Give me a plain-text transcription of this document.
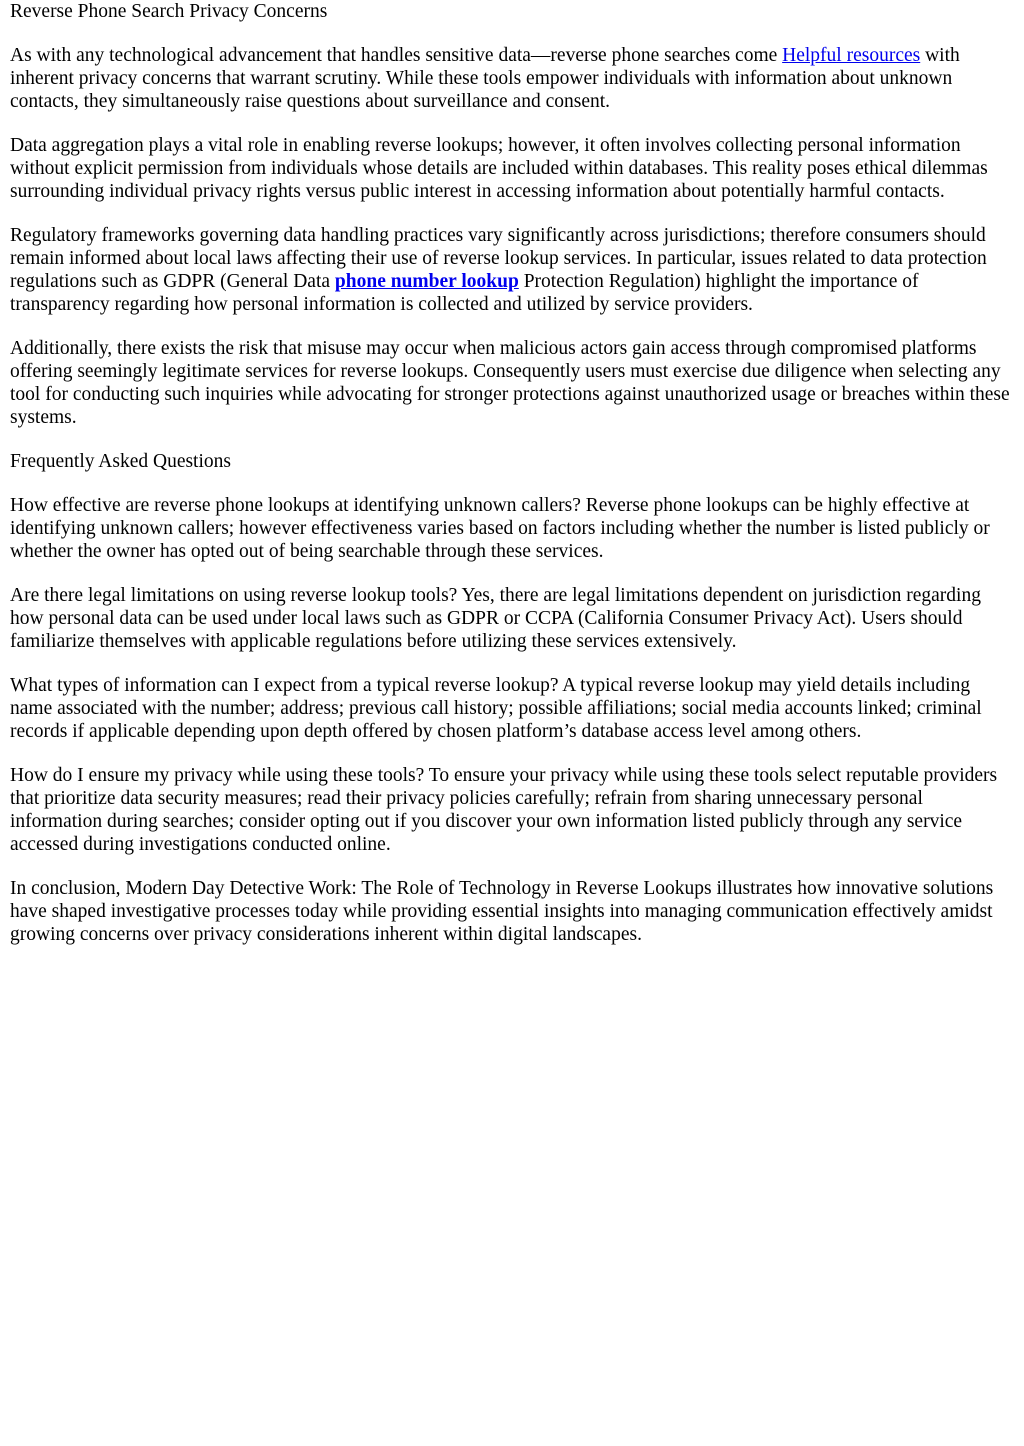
Reverse Phone Search Privacy Concerns

As with any technological advancement that handles sensitive data—reverse phone searches come Helpful resources with inherent privacy concerns that warrant scrutiny. While these tools empower individuals with information about unknown contacts, they simultaneously raise questions about surveillance and consent.

Data aggregation plays a vital role in enabling reverse lookups; however, it often involves collecting personal information without explicit permission from individuals whose details are included within databases. This reality poses ethical dilemmas surrounding individual privacy rights versus public interest in accessing information about potentially harmful contacts.

Regulatory frameworks governing data handling practices vary significantly across jurisdictions; therefore consumers should remain informed about local laws affecting their use of reverse lookup services. In particular, issues related to data protection regulations such as GDPR (General Data phone number lookup Protection Regulation) highlight the importance of transparency regarding how personal information is collected and utilized by service providers.

Additionally, there exists the risk that misuse may occur when malicious actors gain access through compromised platforms offering seemingly legitimate services for reverse lookups. Consequently users must exercise due diligence when selecting any tool for conducting such inquiries while advocating for stronger protections against unauthorized usage or breaches within these systems.

Frequently Asked Questions

How effective are reverse phone lookups at identifying unknown callers? Reverse phone lookups can be highly effective at identifying unknown callers; however effectiveness varies based on factors including whether the number is listed publicly or whether the owner has opted out of being searchable through these services.

Are there legal limitations on using reverse lookup tools? Yes, there are legal limitations dependent on jurisdiction regarding how personal data can be used under local laws such as GDPR or CCPA (California Consumer Privacy Act). Users should familiarize themselves with applicable regulations before utilizing these services extensively.

What types of information can I expect from a typical reverse lookup? A typical reverse lookup may yield details including name associated with the number; address; previous call history; possible affiliations; social media accounts linked; criminal records if applicable depending upon depth offered by chosen platform’s database access level among others.

How do I ensure my privacy while using these tools? To ensure your privacy while using these tools select reputable providers that prioritize data security measures; read their privacy policies carefully; refrain from sharing unnecessary personal information during searches; consider opting out if you discover your own information listed publicly through any service accessed during investigations conducted online.

In conclusion, Modern Day Detective Work: The Role of Technology in Reverse Lookups illustrates how innovative solutions have shaped investigative processes today while providing essential insights into managing communication effectively amidst growing concerns over privacy considerations inherent within digital landscapes.
